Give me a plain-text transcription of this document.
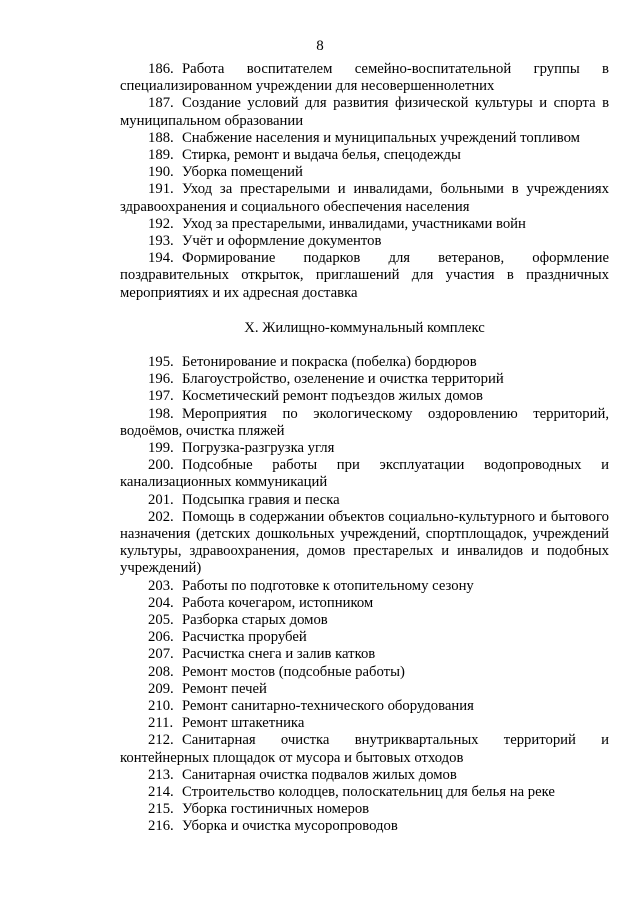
8
186. Работа воспитателем семейно-воспитательной группы в специализированном учреждении для несовершеннолетних
187. Создание условий для развития физической культуры и спорта в муниципальном образовании
188. Снабжение населения и муниципальных учреждений топливом
189. Стирка, ремонт и выдача белья, спецодежды
190. Уборка помещений
191. Уход за престарелыми и инвалидами, больными в учреждениях здравоохранения и социального обеспечения населения
192. Уход за престарелыми, инвалидами, участниками войн
193. Учёт и оформление документов
194. Формирование подарков для ветеранов, оформление поздравительных открыток, приглашений для участия в праздничных мероприятиях и их адресная доставка
X. Жилищно-коммунальный комплекс
195. Бетонирование и покраска (побелка) бордюров
196. Благоустройство, озеленение и очистка территорий
197. Косметический ремонт подъездов жилых домов
198. Мероприятия по экологическому оздоровлению территорий, водоёмов, очистка пляжей
199. Погрузка-разгрузка угля
200. Подсобные работы при эксплуатации водопроводных и канализационных коммуникаций
201. Подсыпка гравия и песка
202. Помощь в содержании объектов социально-культурного и бытового назначения (детских дошкольных учреждений, спортплощадок, учреждений культуры, здравоохранения, домов престарелых и инвалидов и подобных учреждений)
203. Работы по подготовке к отопительному сезону
204. Работа кочегаром, истопником
205. Разборка старых домов
206. Расчистка прорубей
207. Расчистка снега и залив катков
208. Ремонт мостов (подсобные работы)
209. Ремонт печей
210. Ремонт санитарно-технического оборудования
211. Ремонт штакетника
212. Санитарная очистка внутриквартальных территорий и контейнерных площадок от мусора и бытовых отходов
213. Санитарная очистка подвалов жилых домов
214. Строительство колодцев, полоскательниц для белья на реке
215. Уборка гостиничных номеров
216. Уборка и очистка мусоропроводов
